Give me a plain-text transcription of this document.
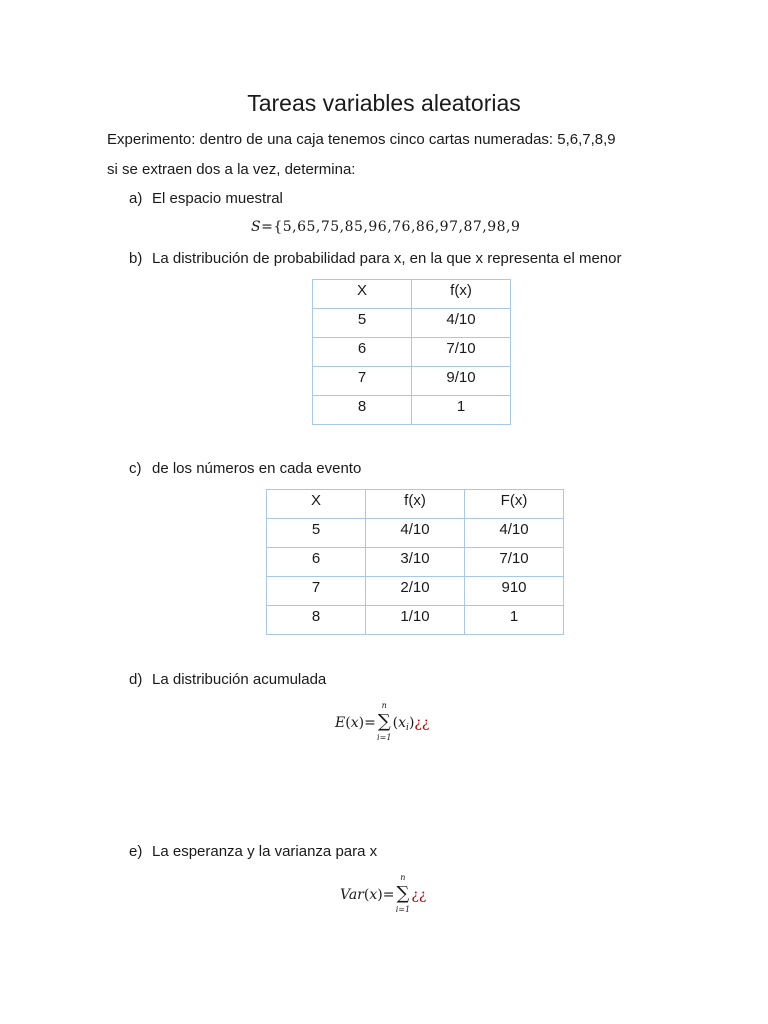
Tareas variables aleatorias

Experimento: dentro de una caja tenemos cinco cartas numeradas: 5,6,7,8,9

si se extraen dos a la vez, determina:

a) El espacio muestral
S={5,65,75,85,96,76,86,97,87,98,9
b) La distribución de probabilidad para x, en la que x representa el menor
X	f(x)
5	4/10
6	7/10
7	9/10
8	1
c) de los números en cada evento
X	f(x)	F(x)
5	4/10	4/10
6	3/10	7/10
7	2/10	910
8	1/10	1
d) La distribución acumulada
E(x)= ∑
n
i=1
$(x_i)¿¿$
e) La esperanza y la varianza para x
Var(x)= ∑
n
i=1
¿¿
